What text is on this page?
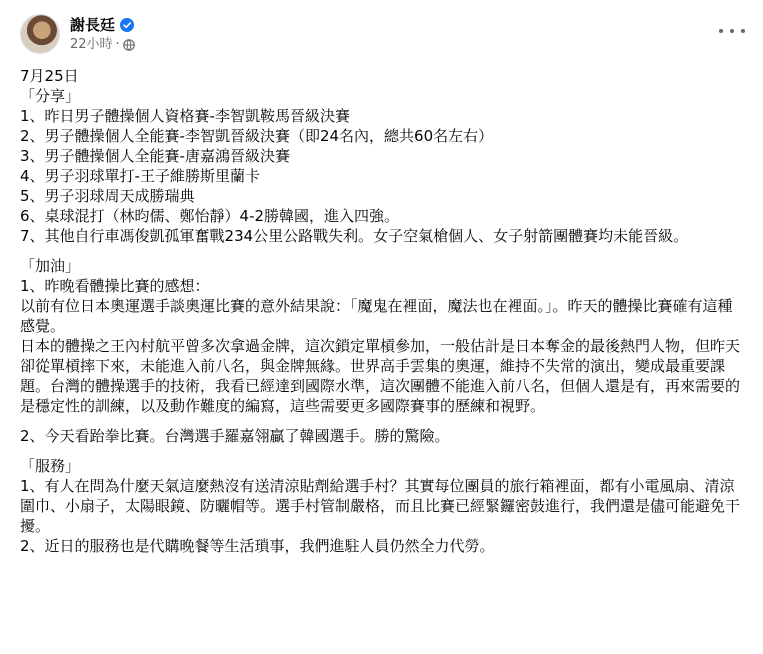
謝長廷
22小時 ·
7月25日
「分享」
1、昨日男子體操個人資格賽-李智凱鞍馬晉級決賽
2、男子體操個人全能賽-李智凱晉級決賽（即24名內，總共60名左右）
3、男子體操個人全能賽-唐嘉鴻晉級決賽
4、男子羽球單打-王子維勝斯里蘭卡
5、男子羽球周天成勝瑞典
6、桌球混打（林昀儒、鄭怡靜）4-2勝韓國，進入四強。
7、其他自行車馮俊凱孤軍奮戰234公里公路戰失利。女子空氣槍個人、女子射箭團體賽均未能晉級。
「加油」
1、昨晚看體操比賽的感想：
以前有位日本奧運選手談奧運比賽的意外結果說：「魔鬼在裡面，魔法也在裡面。」。昨天的體操比賽確有這種感覺。
日本的體操之王內村航平曾多次拿過金牌，這次鎖定單槓參加，一般估計是日本奪金的最後熱門人物，但昨天卻從單槓摔下來，未能進入前八名，與金牌無緣。世界高手雲集的奧運，維持不失常的演出，變成最重要課題。台灣的體操選手的技術，我看已經達到國際水準，這次團體不能進入前八名，但個人還是有，再來需要的是穩定性的訓練，以及動作難度的編寫，這些需要更多國際賽事的歷練和視野。
2、今天看跆拳比賽。台灣選手羅嘉翎贏了韓國選手。勝的驚險。
「服務」
1、有人在問為什麼天氣這麼熱沒有送清涼貼劑給選手村？其實每位團員的旅行箱裡面，都有小電風扇、清涼圍巾、小扇子，太陽眼鏡、防曬帽等。選手村管制嚴格，而且比賽已經緊鑼密鼓進行，我們還是儘可能避免干擾。
2、近日的服務也是代購晚餐等生活瑣事，我們進駐人員仍然全力代勞。
